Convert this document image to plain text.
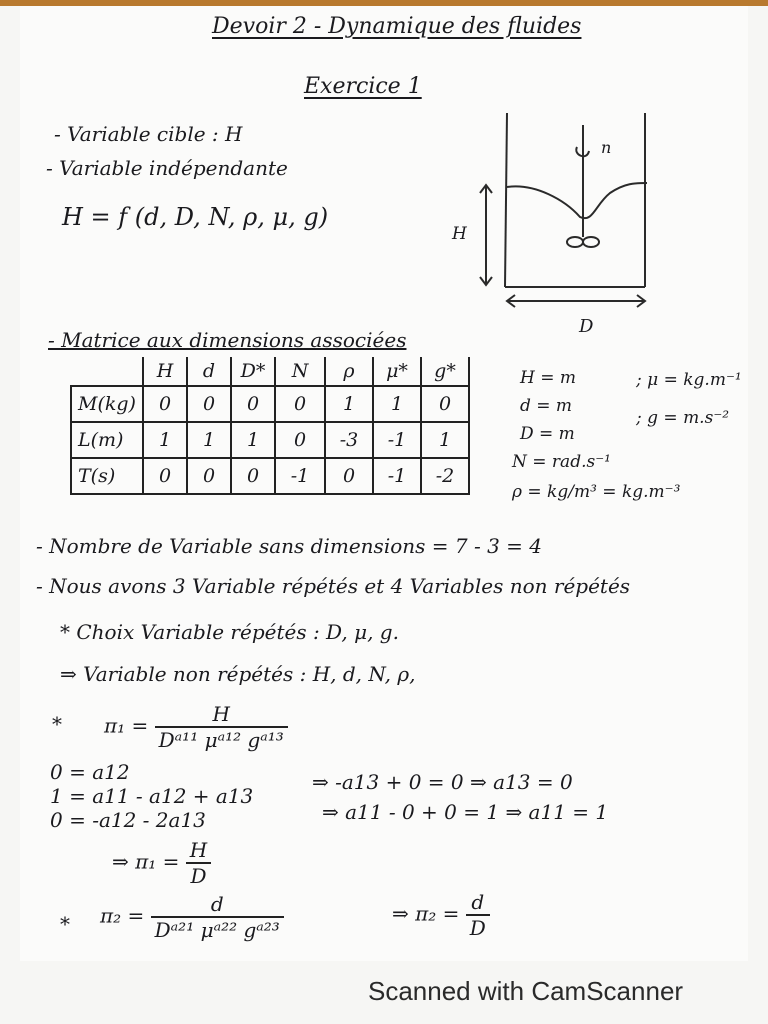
Devoir 2 - Dynamique des fluides
Exercice 1
- Variable cible : H
- Variable indépendante
H = f (d, D, N, ρ, μ, g)
H
D
n
- Matrice aux dimensions associées
	H	d	D*	N	ρ	μ*	g*
M(kg)	0	0	0	0	1	1	0
L(m)	1	1	1	0	-3	-1	1
T(s)	0	0	0	-1	0	-1	-2
H = m
d = m
D = m
N = rad.s⁻¹
ρ = kg/m³ = kg.m⁻³
; μ = kg.m⁻¹
; g = m.s⁻²
- Nombre de Variable sans dimensions = 7 - 3 = 4
- Nous avons 3 Variable répétés et 4 Variables non répétés
* Choix Variable répétés : D, μ, g.
⇒ Variable non répétés : H, d, N, ρ,
* $\pi_1 = \frac{H}{\text{Dᵃ¹¹ μᵃ¹² gᵃ¹³}}$
0 = a12
1 = a11 - a12 + a13
0 = -a12 - 2a13
⇒ -a13 + 0 = 0 ⇒ a13 = 0
⇒ a11 - 0 + 0 = 1 ⇒ a11 = 1
⇒ $\pi_1 = \frac{H}{D}$
* $\pi_2 = \frac{d}{\text{Dᵃ²¹ μᵃ²² gᵃ²³}}$	⇒ $\pi_2 = \frac{d}{D}$
Scanned with CamScanner
